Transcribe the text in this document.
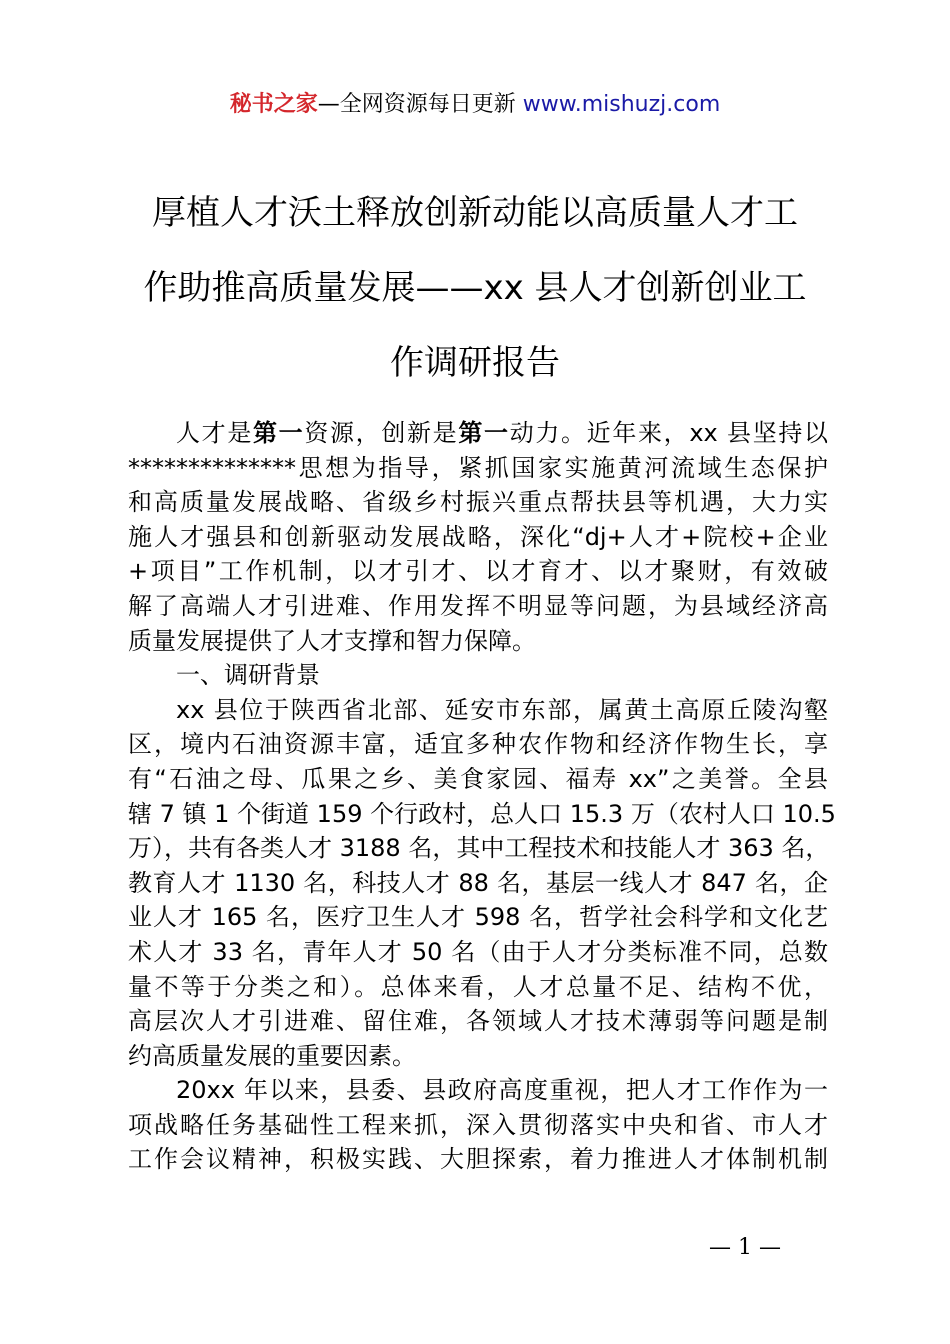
秘书之家—全网资源每日更新 www.mishuzj.com
厚植人才沃土释放创新动能以高质量人才工
作助推高质量发展——xx 县人才创新创业工
作调研报告
人才是第一资源，创新是第一动力。近年来，xx 县坚持以
**************思想为指导，紧抓国家实施黄河流域生态保护
和高质量发展战略、省级乡村振兴重点帮扶县等机遇，大力实
施人才强县和创新驱动发展战略，深化“dj+人才+院校+企业
+项目”工作机制，以才引才、以才育才、以才聚财，有效破
解了高端人才引进难、作用发挥不明显等问题，为县域经济高
质量发展提供了人才支撑和智力保障。
一、调研背景
xx 县位于陕西省北部、延安市东部，属黄土高原丘陵沟壑
区，境内石油资源丰富，适宜多种农作物和经济作物生长，享
有“石油之母、瓜果之乡、美食家园、福寿 xx”之美誉。全县
辖 7 镇 1 个街道 159 个行政村，总人口 15.3 万（农村人口 10.5
万），共有各类人才 3188 名，其中工程技术和技能人才 363 名，
教育人才 1130 名，科技人才 88 名，基层一线人才 847 名，企
业人才 165 名，医疗卫生人才 598 名，哲学社会科学和文化艺
术人才 33 名，青年人才 50 名（由于人才分类标准不同，总数
量不等于分类之和）。总体来看，人才总量不足、结构不优，
高层次人才引进难、留住难，各领域人才技术薄弱等问题是制
约高质量发展的重要因素。
20xx 年以来，县委、县政府高度重视，把人才工作作为一
项战略任务基础性工程来抓，深入贯彻落实中央和省、市人才
工作会议精神，积极实践、大胆探索，着力推进人才体制机制
— 1 —
